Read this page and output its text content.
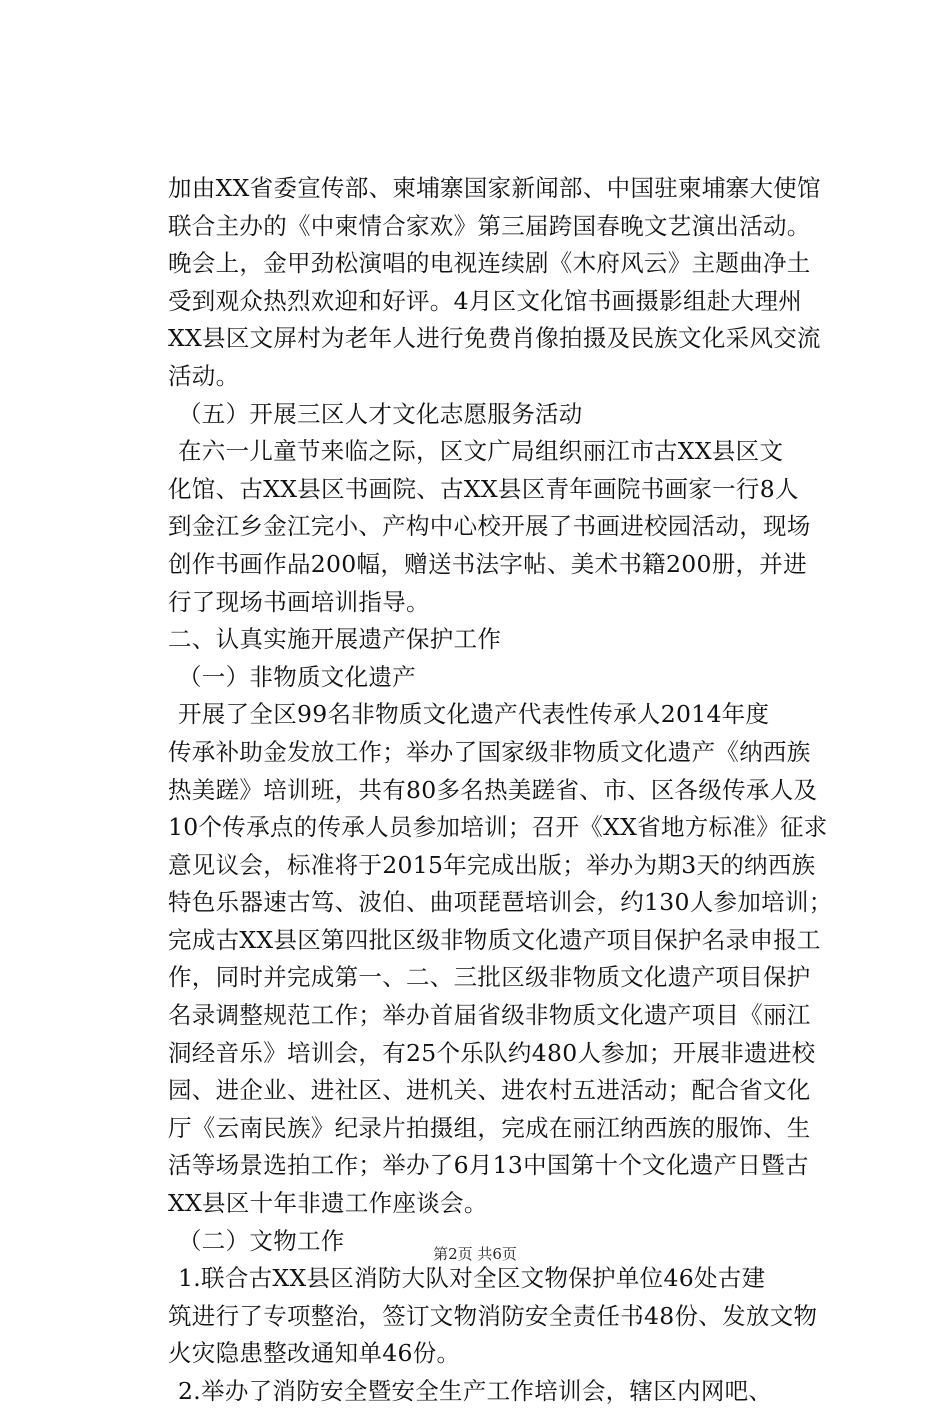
加由XX省委宣传部、柬埔寨国家新闻部、中国驻柬埔寨大使馆
联合主办的《中柬情合家欢》第三届跨国春晚文艺演出活动。
晚会上，金甲劲松演唱的电视连续剧《木府风云》主题曲净土
受到观众热烈欢迎和好评。4月区文化馆书画摄影组赴大理州
XX县区文屏村为老年人进行免费肖像拍摄及民族文化采风交流
活动。
（五）开展三区人才文化志愿服务活动
在六一儿童节来临之际，区文广局组织丽江市古XX县区文
化馆、古XX县区书画院、古XX县区青年画院书画家一行8人
到金江乡金江完小、产构中心校开展了书画进校园活动，现场
创作书画作品200幅，赠送书法字帖、美术书籍200册，并进
行了现场书画培训指导。
二、认真实施开展遗产保护工作
（一）非物质文化遗产
开展了全区99名非物质文化遗产代表性传承人2014年度
传承补助金发放工作；举办了国家级非物质文化遗产《纳西族
热美蹉》培训班，共有80多名热美蹉省、市、区各级传承人及
10个传承点的传承人员参加培训；召开《XX省地方标准》征求
意见议会，标准将于2015年完成出版；举办为期3天的纳西族
特色乐器速古笃、波伯、曲项琵琶培训会，约130人参加培训；
完成古XX县区第四批区级非物质文化遗产项目保护名录申报工
作，同时并完成第一、二、三批区级非物质文化遗产项目保护
名录调整规范工作；举办首届省级非物质文化遗产项目《丽江
洞经音乐》培训会，有25个乐队约480人参加；开展非遗进校
园、进企业、进社区、进机关、进农村五进活动；配合省文化
厅《云南民族》纪录片拍摄组，完成在丽江纳西族的服饰、生
活等场景选拍工作；举办了6月13中国第十个文化遗产日暨古
XX县区十年非遗工作座谈会。
（二）文物工作
1.联合古XX县区消防大队对全区文物保护单位46处古建
筑进行了专项整治，签订文物消防安全责任书48份、发放文物
火灾隐患整改通知单46份。
2.举办了消防安全暨安全生产工作培训会，辖区内网吧、
第2页 共6页
